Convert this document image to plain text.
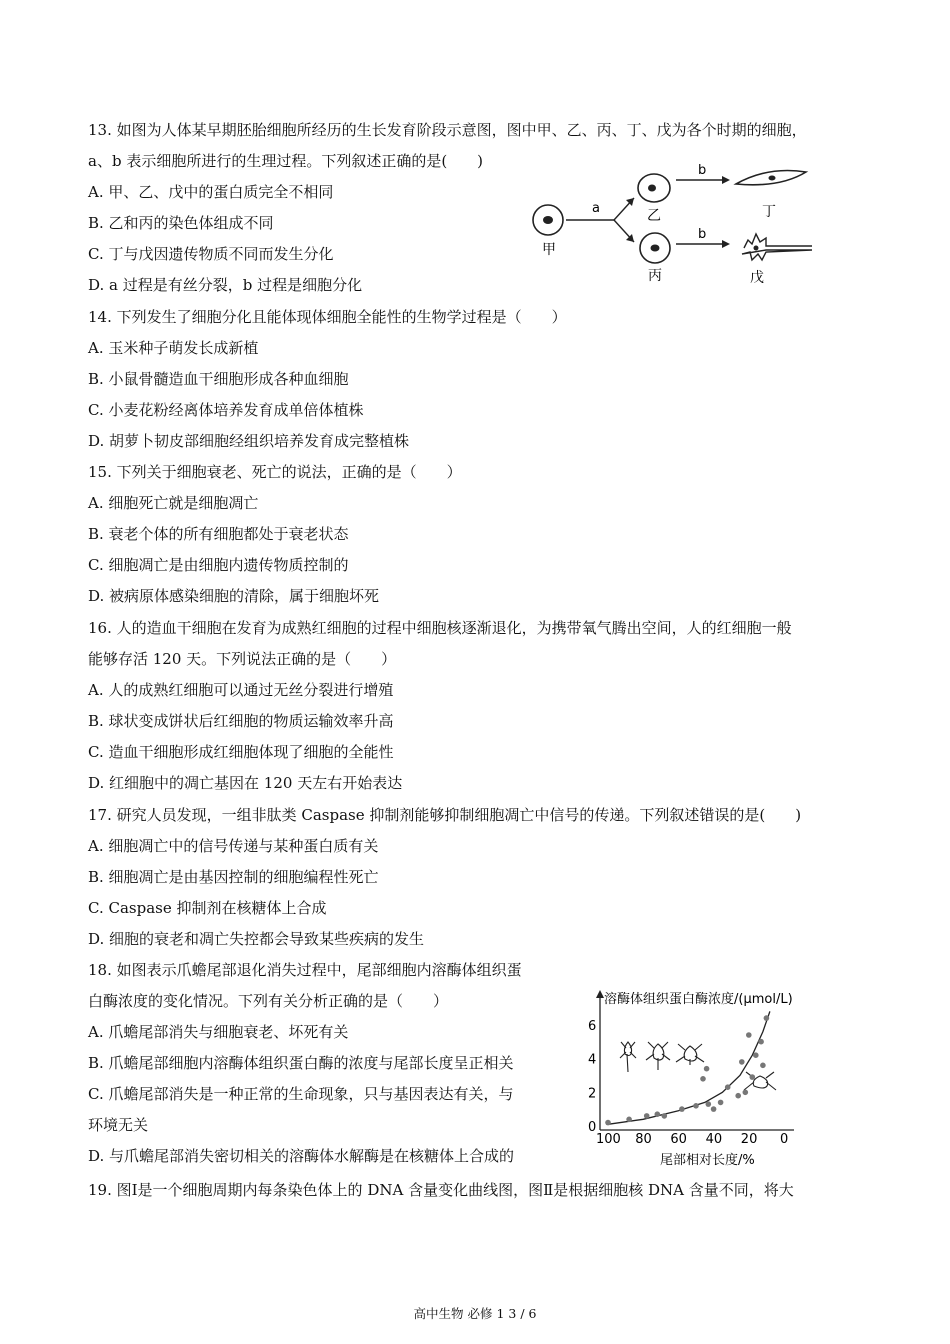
13. 如图为人体某早期胚胎细胞所经历的生长发育阶段示意图，图中甲、乙、丙、丁、戊为各个时期的细胞，
a、b 表示细胞所进行的生理过程。下列叙述正确的是(　　)
A. 甲、乙、戊中的蛋白质完全不相同
B. 乙和丙的染色体组成不同
C. 丁与戊因遗传物质不同而发生分化
D. a 过程是有丝分裂，b 过程是细胞分化
甲
a	乙
丙
b
b
丁
戊
14. 下列发生了细胞分化且能体现体细胞全能性的生物学过程是（　　）
A. 玉米种子萌发长成新植
B. 小鼠骨髓造血干细胞形成各种血细胞
C. 小麦花粉经离体培养发育成单倍体植株
D. 胡萝卜韧皮部细胞经组织培养发育成完整植株
15. 下列关于细胞衰老、死亡的说法，正确的是（　　）
A. 细胞死亡就是细胞凋亡
B. 衰老个体的所有细胞都处于衰老状态
C. 细胞凋亡是由细胞内遗传物质控制的
D. 被病原体感染细胞的清除，属于细胞坏死
16. 人的造血干细胞在发育为成熟红细胞的过程中细胞核逐渐退化，为携带氧气腾出空间，人的红细胞一般
能够存活 120 天。下列说法正确的是（　　）
A. 人的成熟红细胞可以通过无丝分裂进行增殖
B. 球状变成饼状后红细胞的物质运输效率升高
C. 造血干细胞形成红细胞体现了细胞的全能性
D. 红细胞中的凋亡基因在 120 天左右开始表达
17. 研究人员发现，一组非肽类 Caspase 抑制剂能够抑制细胞凋亡中信号的传递。下列叙述错误的是(　　)
A. 细胞凋亡中的信号传递与某种蛋白质有关
B. 细胞凋亡是由基因控制的细胞编程性死亡
C. Caspase 抑制剂在核糖体上合成
D. 细胞的衰老和凋亡失控都会导致某些疾病的发生
18. 如图表示爪蟾尾部退化消失过程中，尾部细胞内溶酶体组织蛋
白酶浓度的变化情况。下列有关分析正确的是（　　）
A. 爪蟾尾部消失与细胞衰老、坏死有关
B. 爪蟾尾部细胞内溶酶体组织蛋白酶的浓度与尾部长度呈正相关
C. 爪蟾尾部消失是一种正常的生命现象，只与基因表达有关，与
环境无关
D. 与爪蟾尾部消失密切相关的溶酶体水解酶是在核糖体上合成的
溶酶体组织蛋白酶浓度/(μmol/L)
尾部相对长度/%
100 80 60 40 20 0
0
2
4
6
19. 图Ⅰ是一个细胞周期内每条染色体上的 DNA 含量变化曲线图，图Ⅱ是根据细胞核 DNA 含量不同，将大
高中生物 必修 1 3 / 6
